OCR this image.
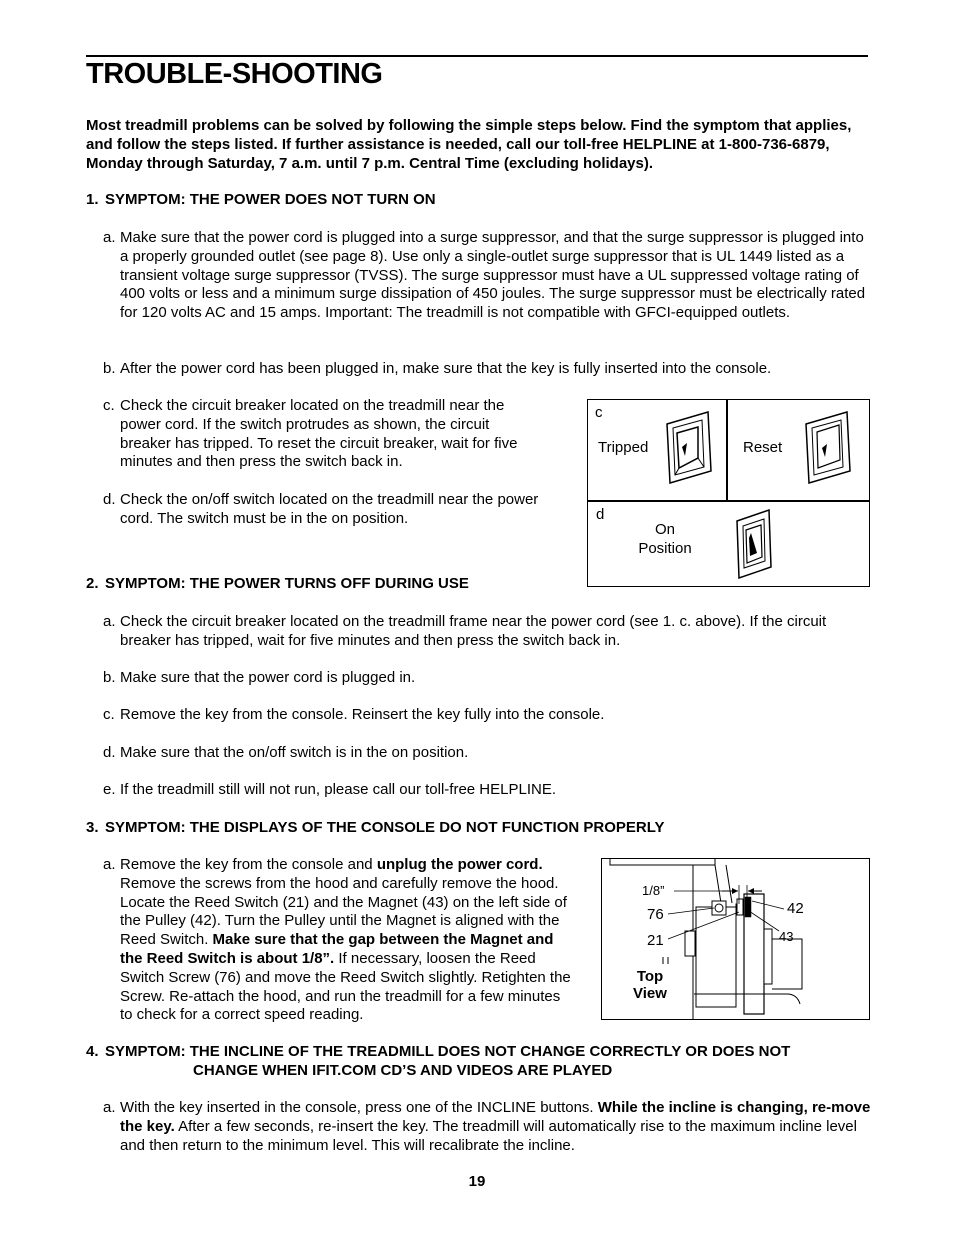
TROUBLE-SHOOTING
Most treadmill problems can be solved by following the simple steps below. Find the symptom that applies, and follow the steps listed. If further assistance is needed, call our toll-free HELPLINE at 1-800-736-6879, Monday through Saturday, 7 a.m. until 7 p.m. Central Time (excluding holidays).
1. SYMPTOM: THE POWER DOES NOT TURN ON
a. Make sure that the power cord is plugged into a surge suppressor, and that the surge suppressor is plugged into a properly grounded outlet (see page 8). Use only a single-outlet surge suppressor that is UL 1449 listed as a transient voltage surge suppressor (TVSS). The surge suppressor must have a UL suppressed voltage rating of 400 volts or less and a minimum surge dissipation of 450 joules. The surge suppressor must be electrically rated for 120 volts AC and 15 amps. Important: The treadmill is not compatible with GFCI-equipped outlets.
b. After the power cord has been plugged in, make sure that the key is fully inserted into the console.
c. Check the circuit breaker located on the treadmill near the power cord. If the switch protrudes as shown, the circuit breaker has tripped. To reset the circuit breaker, wait for five minutes and then press the switch back in.
d. Check the on/off switch located on the treadmill near the power cord. The switch must be in the on position.
c
Tripped	Reset
d
On
Position
2. SYMPTOM: THE POWER TURNS OFF DURING USE
a. Check the circuit breaker located on the treadmill frame near the power cord (see 1. c. above). If the circuit breaker has tripped, wait for five minutes and then press the switch back in.
b. Make sure that the power cord is plugged in.
c. Remove the key from the console. Reinsert the key fully into the console.
d. Make sure that the on/off switch is in the on position.
e. If the treadmill still will not run, please call our toll-free HELPLINE.
3. SYMPTOM: THE DISPLAYS OF THE CONSOLE DO NOT FUNCTION PROPERLY
a. Remove the key from the console and unplug the power cord. Remove the screws from the hood and carefully remove the hood. Locate the Reed Switch (21) and the Magnet (43) on the left side of the Pulley (42). Turn the Pulley until the Magnet is aligned with the Reed Switch. Make sure that the gap between the Magnet and the Reed Switch is about 1/8”. If necessary, loosen the Reed Switch Screw (76) and move the Reed Switch slightly. Retighten the Screw. Re-attach the hood, and run the treadmill for a few minutes to check for a correct speed reading.
1/8”
76
21
42
43
Top
View
4. SYMPTOM: THE INCLINE OF THE TREADMILL DOES NOT CHANGE CORRECTLY OR DOES NOT
CHANGE WHEN IFIT.COM CD’S AND VIDEOS ARE PLAYED
a. With the key inserted in the console, press one of the INCLINE buttons. While the incline is changing, re-move the key. After a few seconds, re-insert the key. The treadmill will automatically rise to the maximum incline level and then return to the minimum level. This will recalibrate the incline.
19
